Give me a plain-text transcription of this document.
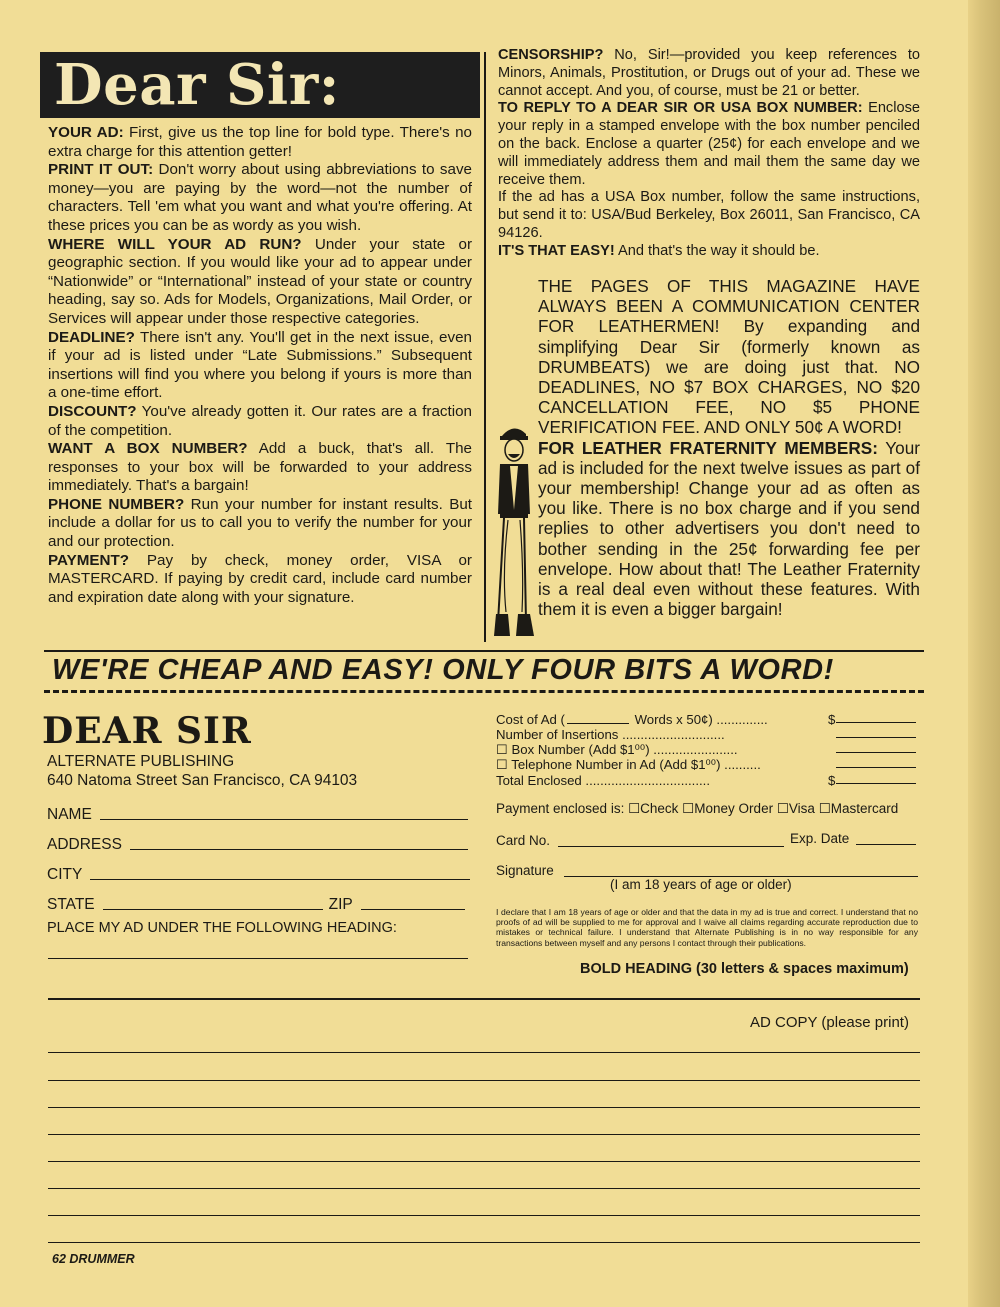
Dear Sir:

YOUR AD: First, give us the top line for bold type. There's no extra charge for this attention getter!

PRINT IT OUT: Don't worry about using abbreviations to save money—you are paying by the word—not the number of characters. Tell 'em what you want and what you're offering. At these prices you can be as wordy as you wish.

WHERE WILL YOUR AD RUN? Under your state or geographic section. If you would like your ad to appear under “Nationwide” or “International” instead of your state or country heading, say so. Ads for Models, Organizations, Mail Order, or Services will appear under those respective categories.

DEADLINE? There isn't any. You'll get in the next issue, even if your ad is listed under “Late Submissions.” Subsequent insertions will find you where you belong if yours is more than a one-time effort.

DISCOUNT? You've already gotten it. Our rates are a fraction of the competition.

WANT A BOX NUMBER? Add a buck, that's all. The responses to your box will be forwarded to your address immediately. That's a bargain!

PHONE NUMBER? Run your number for instant results. But include a dollar for us to call you to verify the number for your and our protection.

PAYMENT? Pay by check, money order, VISA or MASTERCARD. If paying by credit card, include card number and expiration date along with your signature.

CENSORSHIP? No, Sir!—provided you keep references to Minors, Animals, Prostitution, or Drugs out of your ad. These we cannot accept. And you, of course, must be 21 or better.

TO REPLY TO A DEAR SIR OR USA BOX NUMBER: Enclose your reply in a stamped envelope with the box number penciled on the back. Enclose a quarter (25¢) for each envelope and we will immediately address them and mail them the same day we receive them.

If the ad has a USA Box number, follow the same instructions, but send it to: USA/Bud Berkeley, Box 26011, San Francisco, CA 94126.

IT'S THAT EASY! And that's the way it should be.

THE PAGES OF THIS MAGAZINE HAVE ALWAYS BEEN A COMMUNICATION CENTER FOR LEATHERMEN! By expanding and simplifying Dear Sir (formerly known as DRUMBEATS) we are doing just that. NO DEADLINES, NO $7 BOX CHARGES, NO $20 CANCELLATION FEE, NO $5 PHONE VERIFICATION FEE. AND ONLY 50¢ A WORD!

FOR LEATHER FRATERNITY MEMBERS: Your ad is included for the next twelve issues as part of your membership! Change your ad as often as you like. There is no box charge and if you send replies to other advertisers you don't need to bother sending in the 25¢ forwarding fee per envelope. How about that! The Leather Fraternity is a real deal even without these features. With them it is even a bigger bargain!

WE'RE CHEAP AND EASY! ONLY FOUR BITS A WORD!
DEAR SIR
ALTERNATE PUBLISHING
640 Natoma Street San Francisco, CA 94103
NAME
ADDRESS
CITY
STATE	ZIP
PLACE MY AD UNDER THE FOLLOWING HEADING:
Cost of Ad (	Words x 50¢) ..............	$
Number of Insertions ............................
☐ Box Number (Add $1⁰⁰) .......................
☐ Telephone Number in Ad (Add $1⁰⁰) ..........
Total Enclosed ..................................	$
Payment enclosed is: ☐Check ☐Money Order ☐Visa ☐Mastercard
Card No.	Exp. Date
Signature
(I am 18 years of age or older)
I declare that I am 18 years of age or older and that the data in my ad is true and correct. I understand that no proofs of ad will be supplied to me for approval and I waive all claims regarding accurate reproduction due to mistakes or technical failure. I understand that Alternate Publishing is in no way responsible for any transactions between myself and any persons I contact through their publications.
BOLD HEADING (30 letters & spaces maximum)
AD COPY (please print)
62 DRUMMER
